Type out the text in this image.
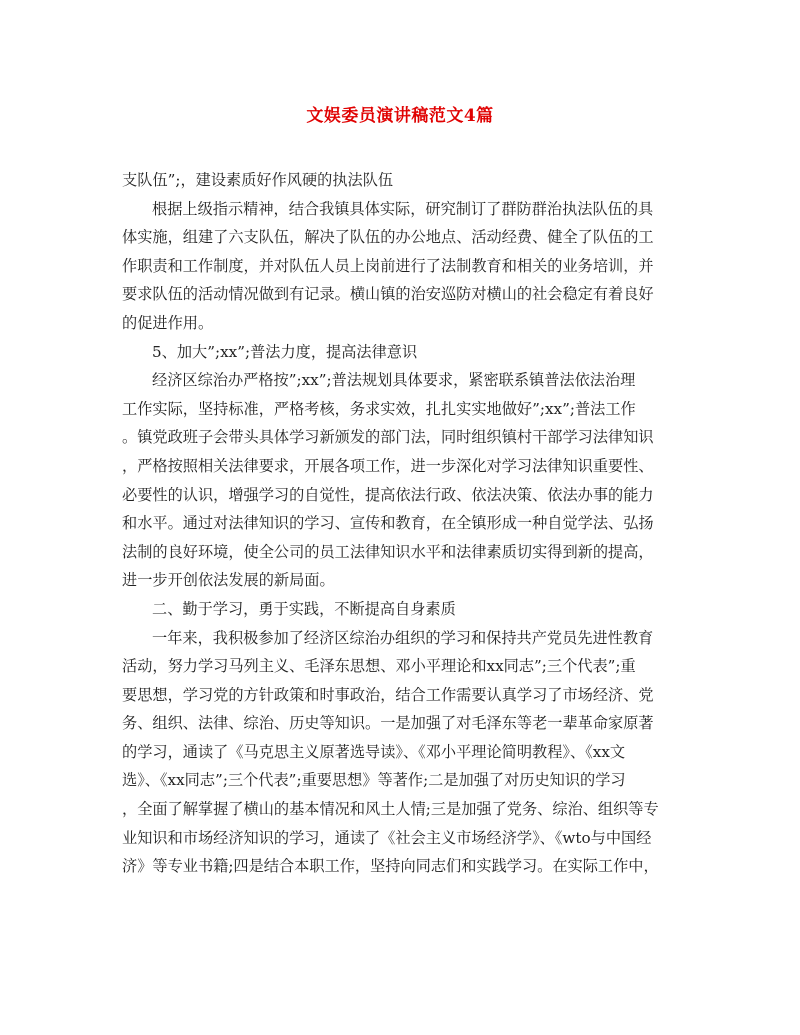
文娱委员演讲稿范文4篇
支队伍”;，建设素质好作风硬的执法队伍
根据上级指示精神，结合我镇具体实际，研究制订了群防群治执法队伍的具
体实施，组建了六支队伍，解决了队伍的办公地点、活动经费、健全了队伍的工
作职责和工作制度，并对队伍人员上岗前进行了法制教育和相关的业务培训，并
要求队伍的活动情况做到有记录。横山镇的治安巡防对横山的社会稳定有着良好
的促进作用。
5、加大”;xx”;普法力度，提高法律意识
经济区综治办严格按”;xx”;普法规划具体要求，紧密联系镇普法依法治理
工作实际，坚持标准，严格考核，务求实效，扎扎实实地做好”;xx”;普法工作
。镇党政班子会带头具体学习新颁发的部门法，同时组织镇村干部学习法律知识
，严格按照相关法律要求，开展各项工作，进一步深化对学习法律知识重要性、
必要性的认识，增强学习的自觉性，提高依法行政、依法决策、依法办事的能力
和水平。通过对法律知识的学习、宣传和教育，在全镇形成一种自觉学法、弘扬
法制的良好环境，使全公司的员工法律知识水平和法律素质切实得到新的提高，
进一步开创依法发展的新局面。
二、勤于学习，勇于实践，不断提高自身素质
一年来，我积极参加了经济区综治办组织的学习和保持共产党员先进性教育
活动，努力学习马列主义、毛泽东思想、邓小平理论和xx同志”;三个代表”;重
要思想，学习党的方针政策和时事政治，结合工作需要认真学习了市场经济、党
务、组织、法律、综治、历史等知识。一是加强了对毛泽东等老一辈革命家原著
的学习，通读了《马克思主义原著选导读》、《邓小平理论简明教程》、《xx文
选》、《xx同志”;三个代表”;重要思想》等著作;二是加强了对历史知识的学习
，全面了解掌握了横山的基本情况和风土人情;三是加强了党务、综治、组织等专
业知识和市场经济知识的学习，通读了《社会主义市场经济学》、《wto与中国经
济》等专业书籍;四是结合本职工作，坚持向同志们和实践学习。在实际工作中，
